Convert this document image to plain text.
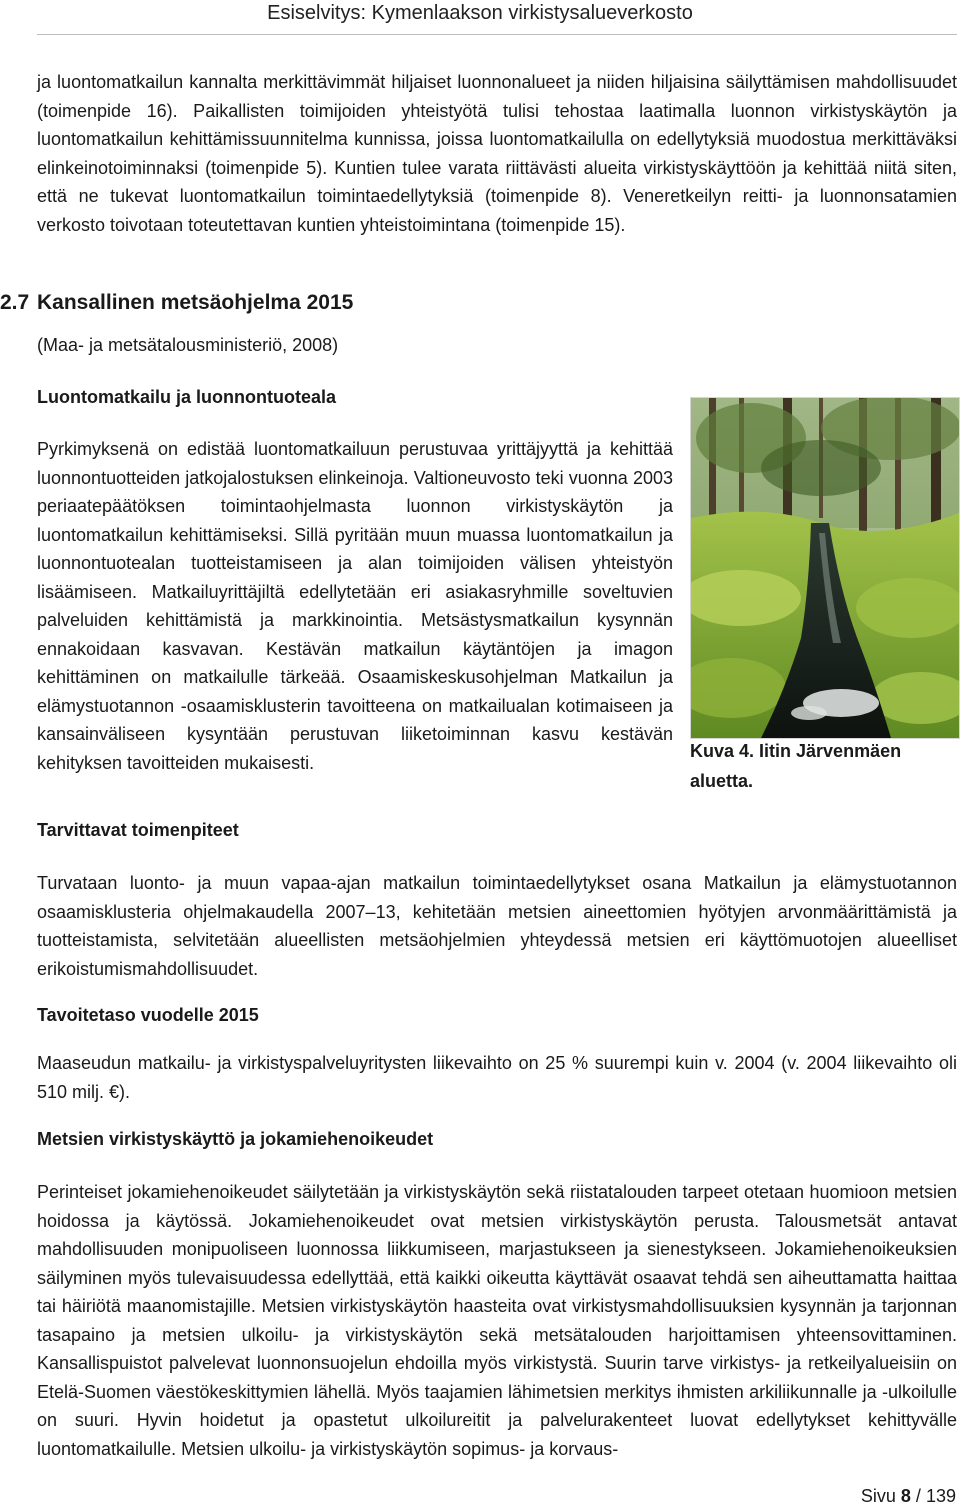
Esiselvitys: Kymenlaakson virkistysalueverkosto

ja luontomatkailun kannalta merkittävimmät hiljaiset luonnonalueet ja niiden hiljaisina säilyttämisen mahdollisuudet (toimenpide 16). Paikallisten toimijoiden yhteistyötä tulisi tehostaa laatimalla luonnon virkistyskäytön ja luontomatkailun kehittämissuunnitelma kunnissa, joissa luontomatkailulla on edellytyksiä muodostua merkittäväksi elinkeinotoiminnaksi (toimenpide 5). Kuntien tulee varata riittävästi alueita virkistyskäyttöön ja kehittää niitä siten, että ne tukevat luontomatkailun toimintaedellytyksiä (toimenpide 8). Veneretkeilyn reitti- ja luonnonsatamien verkosto toivotaan toteutettavan kuntien yhteistoimintana (toimenpide 15).

2.7 Kansallinen metsäohjelma 2015

(Maa- ja metsätalousministeriö, 2008)

Luontomatkailu ja luonnontuoteala

Pyrkimyksenä on edistää luontomatkailuun perustuvaa yrittäjyyttä ja kehittää luonnontuotteiden jatkojalostuksen elinkeinoja. Valtioneuvosto teki vuonna 2003 periaatepäätöksen toimintaohjelmasta luonnon virkistyskäytön ja luontomatkailun kehittämiseksi. Sillä pyritään muun muassa luontomatkailun ja luonnontuotealan tuotteistamiseen ja alan toimijoiden välisen yhteistyön lisäämiseen. Matkailuyrittäjiltä edellytetään eri asiakasryhmille soveltuvien palveluiden kehittämistä ja markkinointia. Metsästysmatkailun kysynnän ennakoidaan kasvavan. Kestävän matkailun käytäntöjen ja imagon kehittäminen on matkailulle tärkeää. Osaamiskeskusohjelman Matkailun ja elämystuotannon -osaamisklusterin tavoitteena on matkailualan kotimaiseen ja kansainväliseen kysyntään perustuvan liiketoiminnan kasvu kestävän kehityksen tavoitteiden mukaisesti.

Kuva 4. Iitin Järvenmäen aluetta.

Tarvittavat toimenpiteet

Turvataan luonto- ja muun vapaa-ajan matkailun toimintaedellytykset osana Matkailun ja elämystuotannon osaamisklusteria ohjelmakaudella 2007–13, kehitetään metsien aineettomien hyötyjen arvonmäärittämistä ja tuotteistamista, selvitetään alueellisten metsäohjelmien yhteydessä metsien eri käyttömuotojen alueelliset erikoistumismahdollisuudet.

Tavoitetaso vuodelle 2015

Maaseudun matkailu- ja virkistyspalveluyritysten liikevaihto on 25 % suurempi kuin v. 2004 (v. 2004 liikevaihto oli 510 milj. €).

Metsien virkistyskäyttö ja jokamiehenoikeudet

Perinteiset jokamiehenoikeudet säilytetään ja virkistyskäytön sekä riistatalouden tarpeet otetaan huomioon metsien hoidossa ja käytössä. Jokamiehenoikeudet ovat metsien virkistyskäytön perusta. Talousmetsät antavat mahdollisuuden monipuoliseen luonnossa liikkumiseen, marjastukseen ja sienestykseen. Jokamiehenoikeuksien säilyminen myös tulevaisuudessa edellyttää, että kaikki oikeutta käyttävät osaavat tehdä sen aiheuttamatta haittaa tai häiriötä maanomistajille. Metsien virkistyskäytön haasteita ovat virkistysmahdollisuuksien kysynnän ja tarjonnan tasapaino ja metsien ulkoilu- ja virkistyskäytön sekä metsätalouden harjoittamisen yhteensovittaminen. Kansallispuistot palvelevat luonnonsuojelun ehdoilla myös virkistystä. Suurin tarve virkistys- ja retkeilyalueisiin on Etelä-Suomen väestökeskittymien lähellä. Myös taajamien lähimetsien merkitys ihmisten arkiliikunnalle ja -ulkoilulle on suuri. Hyvin hoidetut ja opastetut ulkoilureitit ja palvelurakenteet luovat edellytykset kehittyvälle luontomatkailulle. Metsien ulkoilu- ja virkistyskäytön sopimus- ja korvaus-

Sivu 8 / 139
